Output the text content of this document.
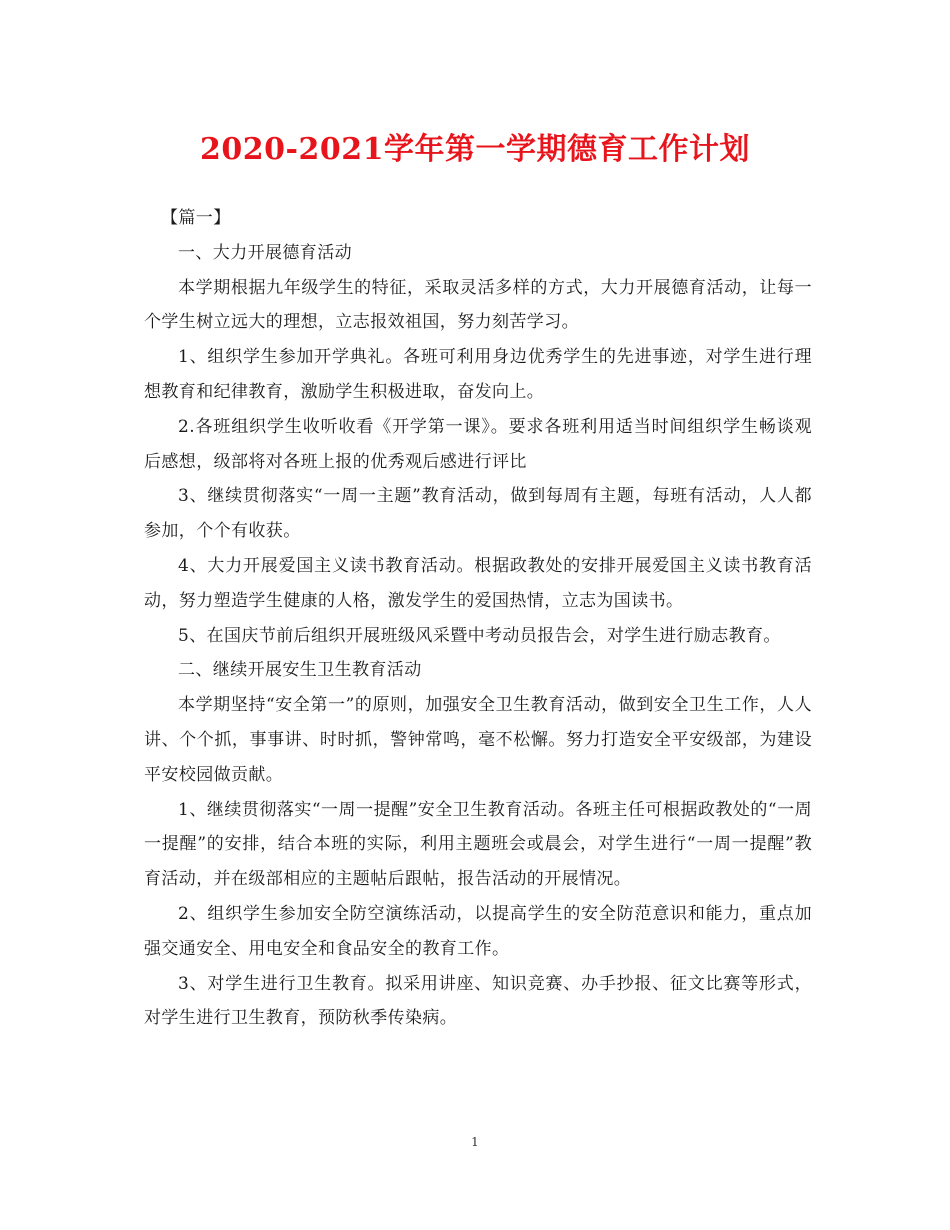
2020-2021学年第一学期德育工作计划

【篇一】

一、大力开展德育活动

本学期根据九年级学生的特征，采取灵活多样的方式，大力开展德育活动，让每一个学生树立远大的理想，立志报效祖国，努力刻苦学习。

1、组织学生参加开学典礼。各班可利用身边优秀学生的先进事迹，对学生进行理想教育和纪律教育，激励学生积极进取，奋发向上。

2.各班组织学生收听收看《开学第一课》。要求各班利用适当时间组织学生畅谈观后感想，级部将对各班上报的优秀观后感进行评比

3、继续贯彻落实“一周一主题”教育活动，做到每周有主题，每班有活动，人人都参加，个个有收获。

4、大力开展爱国主义读书教育活动。根据政教处的安排开展爱国主义读书教育活动，努力塑造学生健康的人格，激发学生的爱国热情，立志为国读书。

5、在国庆节前后组织开展班级风采暨中考动员报告会，对学生进行励志教育。

二、继续开展安生卫生教育活动

本学期坚持“安全第一”的原则，加强安全卫生教育活动，做到安全卫生工作，人人讲、个个抓，事事讲、时时抓，警钟常鸣，毫不松懈。努力打造安全平安级部，为建设平安校园做贡献。

1、继续贯彻落实“一周一提醒”安全卫生教育活动。各班主任可根据政教处的“一周一提醒”的安排，结合本班的实际，利用主题班会或晨会，对学生进行“一周一提醒”教育活动，并在级部相应的主题帖后跟帖，报告活动的开展情况。

2、组织学生参加安全防空演练活动，以提高学生的安全防范意识和能力，重点加强交通安全、用电安全和食品安全的教育工作。

3、对学生进行卫生教育。拟采用讲座、知识竞赛、办手抄报、征文比赛等形式，对学生进行卫生教育，预防秋季传染病。

1
